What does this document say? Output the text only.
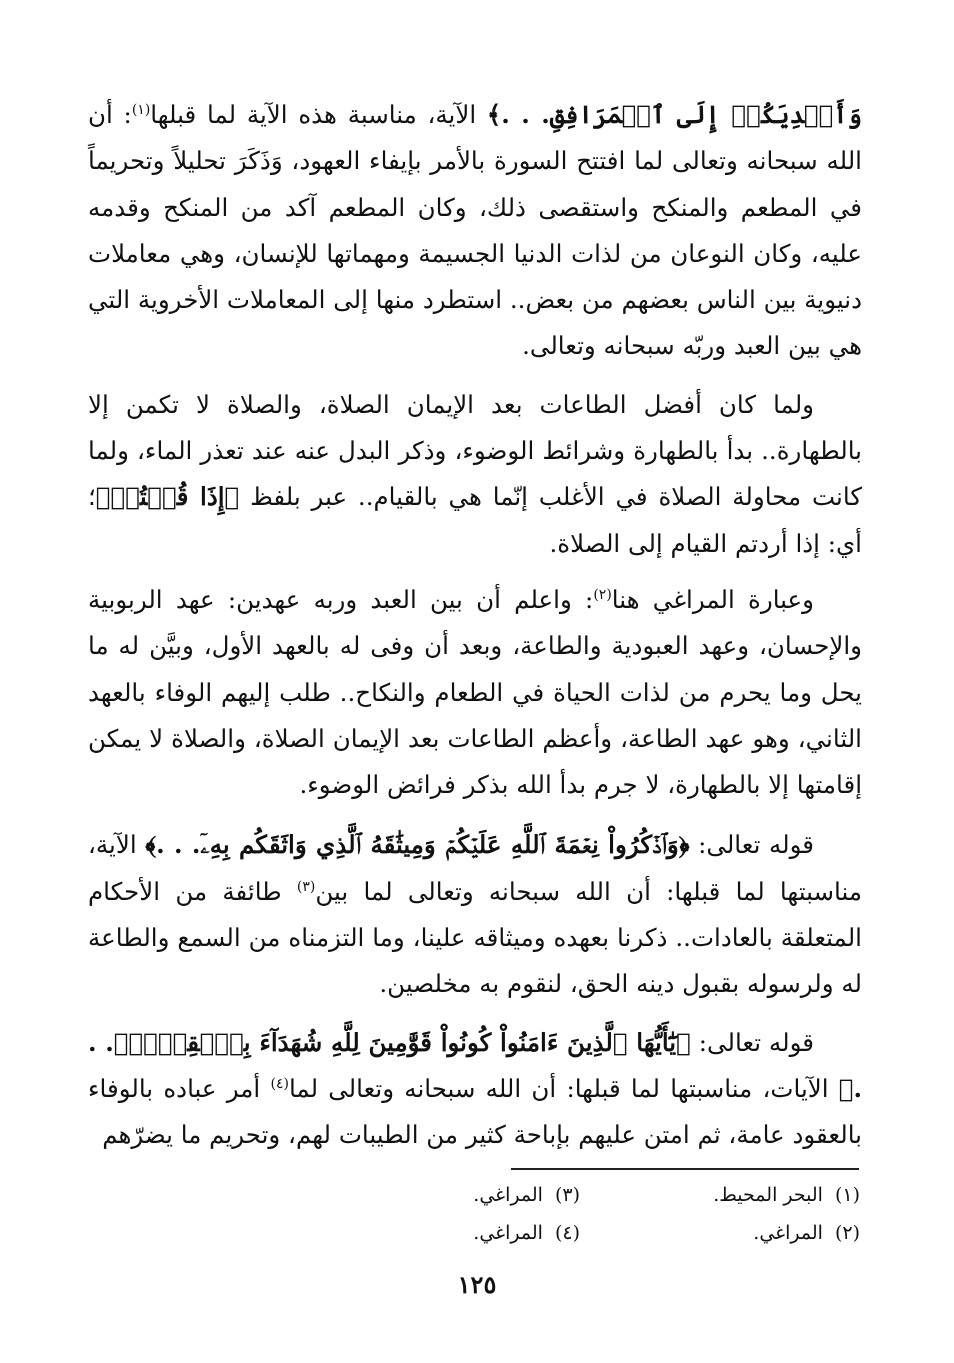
وَأَيۡدِيَكُمۡ إِلَى ٱلۡمَرَافِقِ. . .﴾ الآية، مناسبة هذه الآية لما قبلها$^{(١)}$: أن الله سبحانه وتعالى لما افتتح السورة بالأمر بإيفاء العهود، وَذَكَرَ تحليلاً وتحريماً في المطعم والمنكح واستقصى ذلك، وكان المطعم آكد من المنكح وقدمه عليه، وكان النوعان من لذات الدنيا الجسيمة ومهماتها للإنسان، وهي معاملات دنيوية بين الناس بعضهم من بعض.. استطرد منها إلى المعاملات الأخروية التي هي بين العبد وربّه سبحانه وتعالى.

ولما كان أفضل الطاعات بعد الإيمان الصلاة، والصلاة لا تكمن إلا بالطهارة.. بدأ بالطهارة وشرائط الوضوء، وذكر البدل عنه عند تعذر الماء، ولما كانت محاولة الصلاة في الأغلب إنّما هي بالقيام.. عبر بلفظ ﴿إِذَا قُمۡتُمۡ﴾؛ أي: إذا أردتم القيام إلى الصلاة.

وعبارة المراغي هنا$^{(٢)}$: واعلم أن بين العبد وربه عهدين: عهد الربوبية والإحسان، وعهد العبودية والطاعة، وبعد أن وفى له بالعهد الأول، وبيَّن له ما يحل وما يحرم من لذات الحياة في الطعام والنكاح.. طلب إليهم الوفاء بالعهد الثاني، وهو عهد الطاعة، وأعظم الطاعات بعد الإيمان الصلاة، والصلاة لا يمكن إقامتها إلا بالطهارة، لا جرم بدأ الله بذكر فرائض الوضوء.

قوله تعالى: ﴿وَٱذۡكُرُواْ نِعۡمَةَ ٱللَّهِ عَلَيۡكُمۡ وَمِيثَٰقَهُ ٱلَّذِي وَاثَقَكُم بِهِۦٓ. . .﴾ الآية، مناسبتها لما قبلها: أن الله سبحانه وتعالى لما بين$^{(٣)}$ طائفة من الأحكام المتعلقة بالعادات.. ذكرنا بعهده وميثاقه علينا، وما التزمناه من السمع والطاعة له ولرسوله بقبول دينه الحق، لنقوم به مخلصين.

قوله تعالى: ﴿يَٰٓأَيُّهَا ٱلَّذِينَ ءَامَنُواْ كُونُواْ قَوَّٰمِينَ لِلَّهِ شُهَدَآءَ بِٱلۡقِسۡطِۖ. . .﴾ الآيات، مناسبتها لما قبلها: أن الله سبحانه وتعالى لما$^{(٤)}$ أمر عباده بالوفاء بالعقود عامة، ثم امتن عليهم بإباحة كثير من الطيبات لهم، وتحريم ما يضرّهم

(١)البحر المحيط.
(٣)المراغي.
(٢)المراغي.
(٤)المراغي.
١٢٥
